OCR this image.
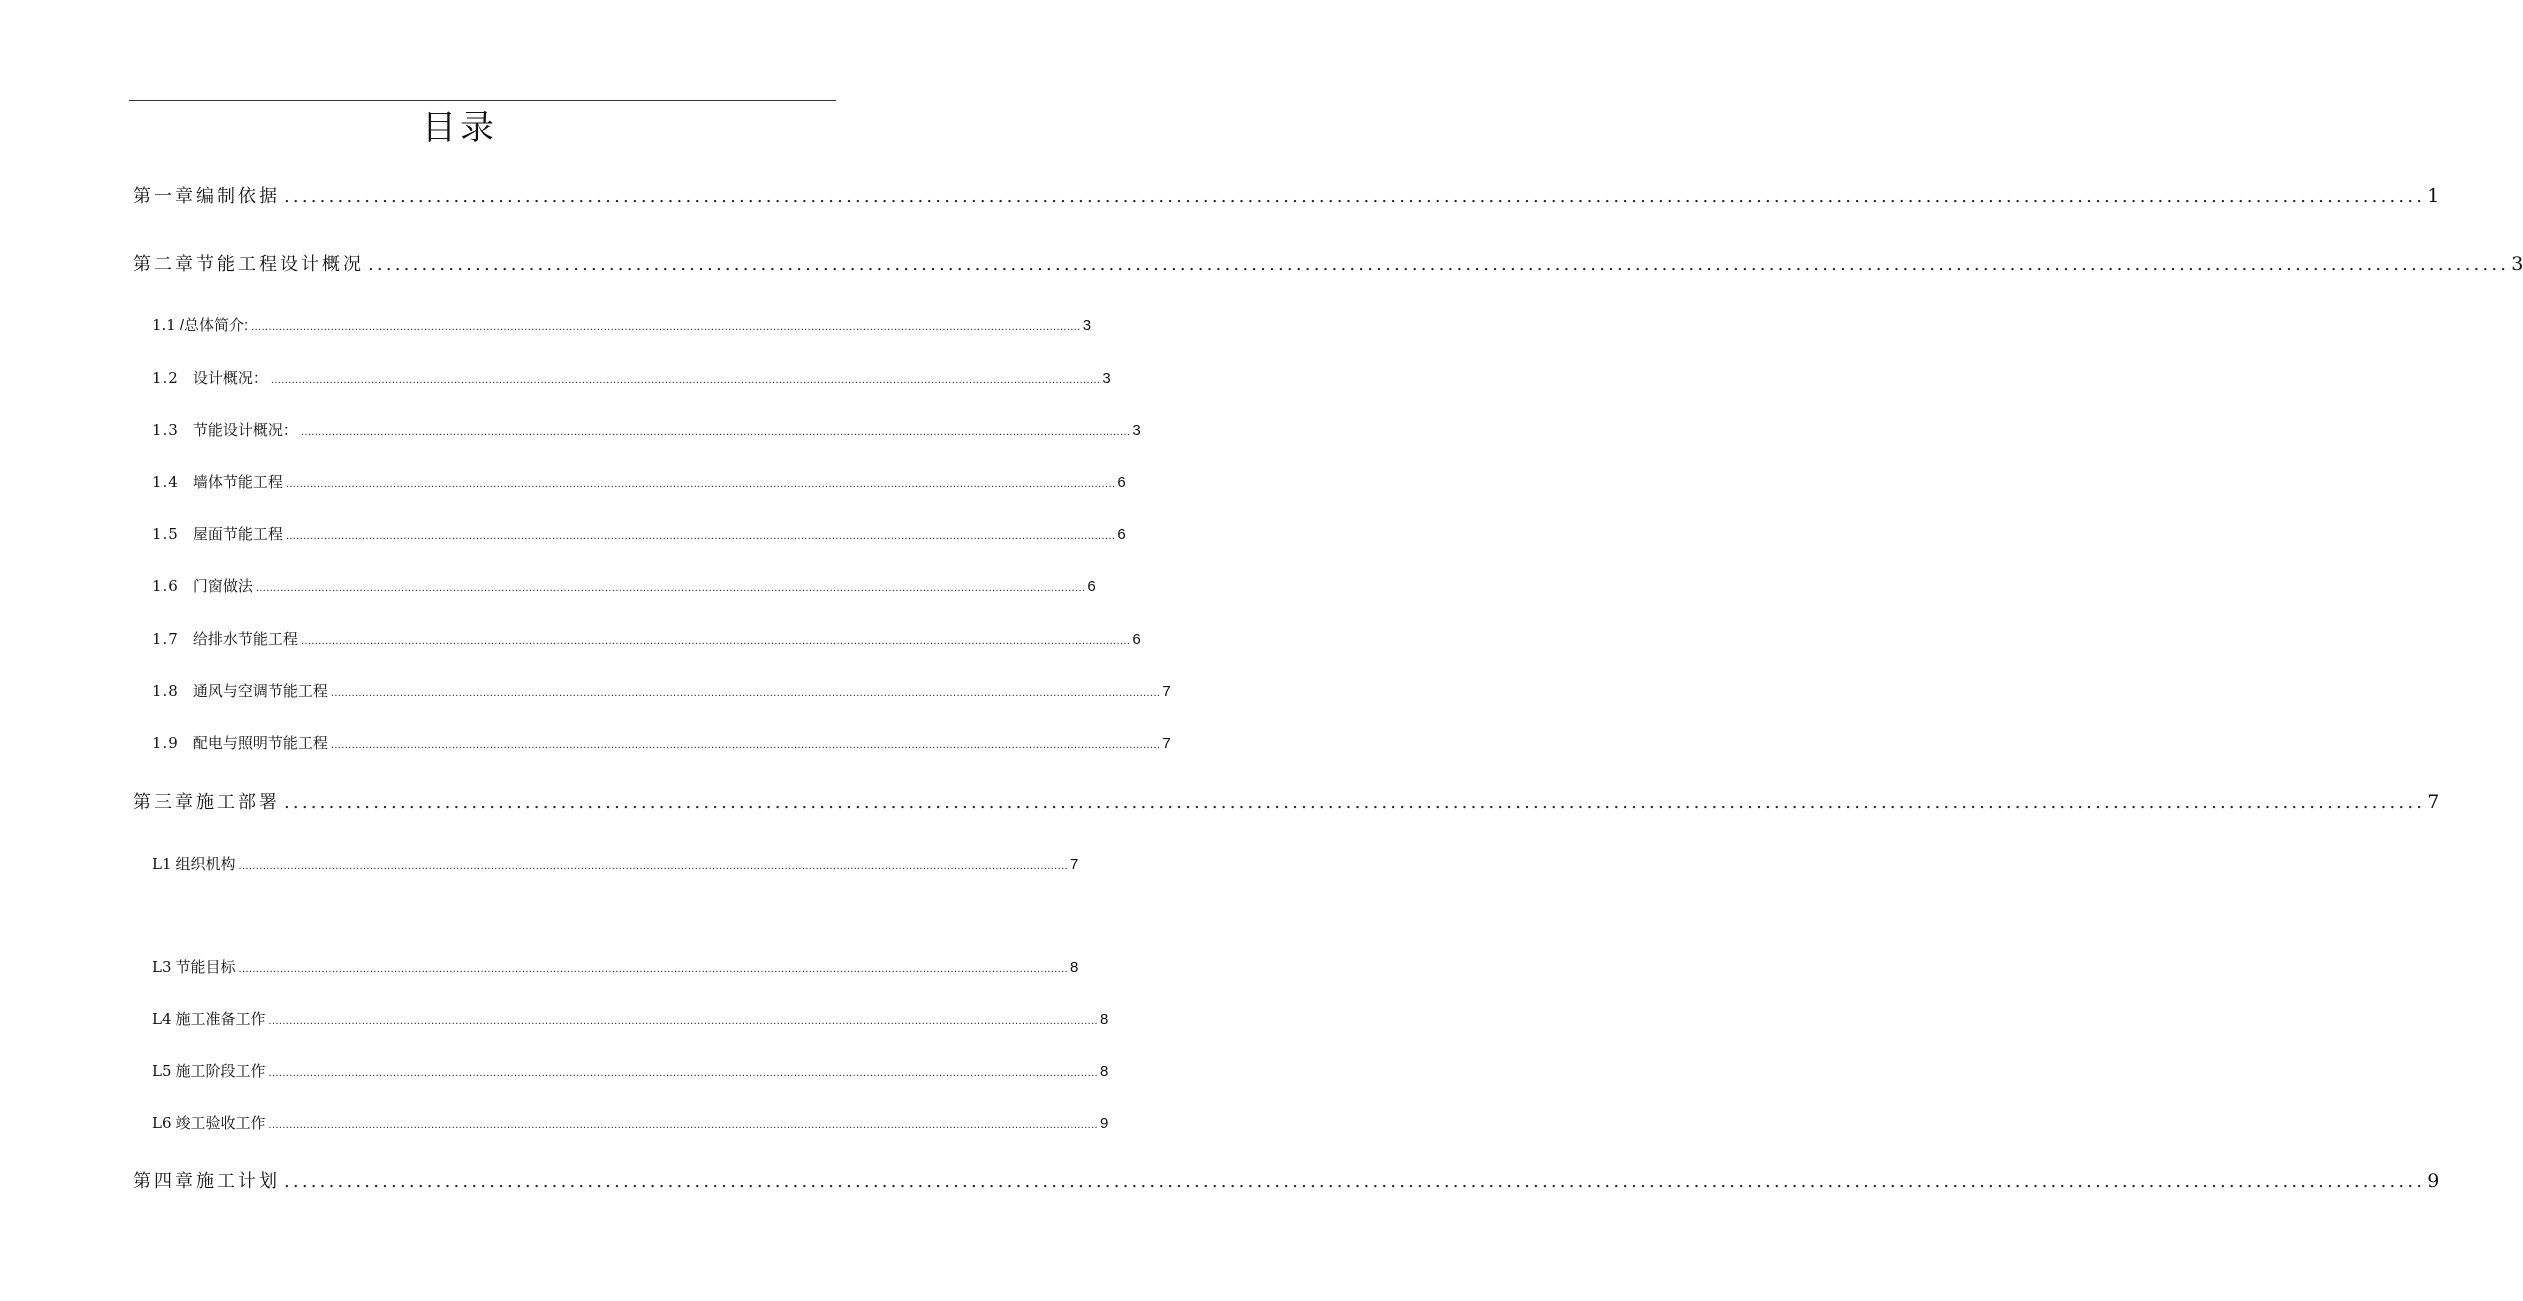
目录
第一章编制依据 ................................................................................................................................................................................................................................................ 1
第二章节能工程设计概况 ................................................................................................................................................................................................................................................ 3
1.1 /总体简介: ................................................................................................................................................................................................................................................ 3
1.2 设计概况： ................................................................................................................................................................................................................................................ 3
1.3 节能设计概况： ................................................................................................................................................................................................................................................ 3
1.4 墙体节能工程 ................................................................................................................................................................................................................................................ 6
1.5 屋面节能工程 ................................................................................................................................................................................................................................................ 6
1.6 门窗做法 ................................................................................................................................................................................................................................................ 6
1.7 给排水节能工程 ................................................................................................................................................................................................................................................ 6
1.8 通风与空调节能工程 ................................................................................................................................................................................................................................................ 7
1.9 配电与照明节能工程 ................................................................................................................................................................................................................................................ 7
第三章施工部署 ................................................................................................................................................................................................................................................ 7
L1 组织机构 ................................................................................................................................................................................................................................................ 7
L3 节能目标 ................................................................................................................................................................................................................................................ 8
L4 施工准备工作 ................................................................................................................................................................................................................................................ 8
L5 施工阶段工作 ................................................................................................................................................................................................................................................ 8
L6 竣工验收工作 ................................................................................................................................................................................................................................................ 9
第四章施工计划 ................................................................................................................................................................................................................................................ 9
